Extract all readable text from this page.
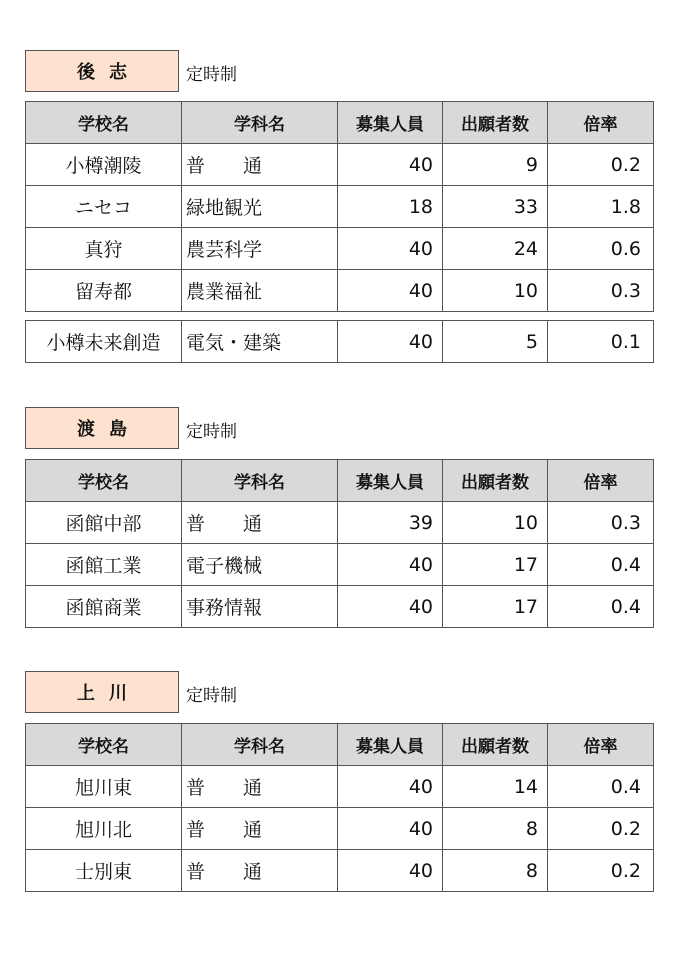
後志	定時制
学校名	学科名	募集人員	出願者数	倍率
小樽潮陵	普　　通	40	9	0.2
ニセコ	緑地観光	18	33	1.8
真狩	農芸科学	40	24	0.6
留寿都	農業福祉	40	10	0.3
小樽未来創造	電気・建築	40	5	0.1
渡島	定時制
学校名	学科名	募集人員	出願者数	倍率
函館中部	普　　通	39	10	0.3
函館工業	電子機械	40	17	0.4
函館商業	事務情報	40	17	0.4
上川	定時制
学校名	学科名	募集人員	出願者数	倍率
旭川東	普　　通	40	14	0.4
旭川北	普　　通	40	8	0.2
士別東	普　　通	40	8	0.2
